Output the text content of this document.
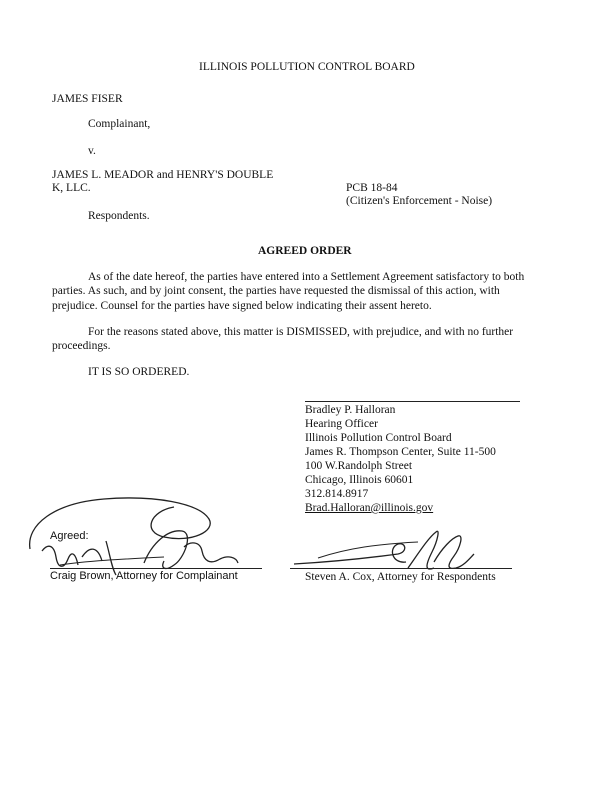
ILLINOIS POLLUTION CONTROL BOARD
JAMES FISER
Complainant,
v.
JAMES L. MEADOR and HENRY'S DOUBLE
K, LLC.	PCB 18-84
(Citizen's Enforcement - Noise)
Respondents.
AGREED ORDER
As of the date hereof, the parties have entered into a Settlement Agreement satisfactory to both parties. As such, and by joint consent, the parties have requested the dismissal of this action, with prejudice. Counsel for the parties have signed below indicating their assent hereto.
For the reasons stated above, this matter is DISMISSED, with prejudice, and with no further proceedings.
IT IS SO ORDERED.
Bradley P. Halloran
Hearing Officer
Illinois Pollution Control Board
James R. Thompson Center, Suite 11-500
100 W.Randolph Street
Chicago, Illinois 60601
312.814.8917
Brad.Halloran@illinois.gov
Agreed:
Craig Brown, Attorney for Complainant	Steven A. Cox, Attorney for Respondents
